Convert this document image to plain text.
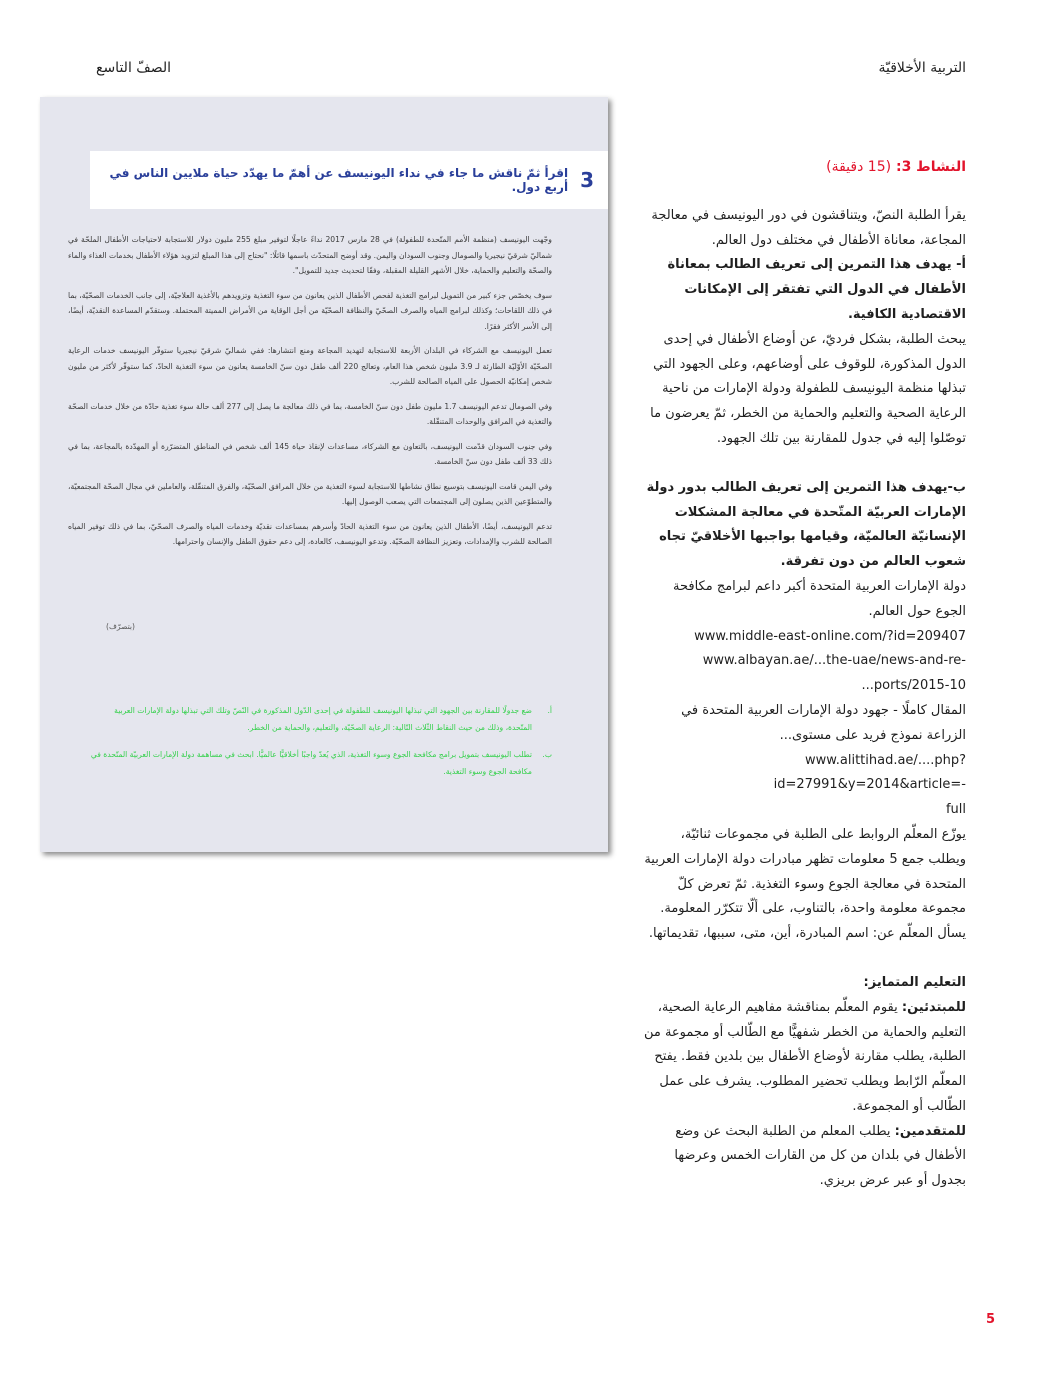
التربية الأخلاقيّة
الصفّ التاسع
3
اقرأ ثمّ ناقش ما جاء في نداء اليونيسف عن أهمّ ما يهدّد حياة ملايين الناس في أربع دول.

وجّهت اليونيسف (منظمة الأمم المتّحدة للطفولة) في 28 مارس 2017 نداءً عاجلًا لتوفير مبلغ 255 مليون دولار للاستجابة لاحتياجات الأطفال الملحّة في شماليّ شرقيّ نيجيريا والصومال وجنوب السودان واليمن. وقد أوضح المتحدّث باسمها قائلًا: "نحتاج إلى هذا المبلغ لتزويد هؤلاء الأطفال بخدمات الغذاء والماء والصحّة والتعليم والحماية، خلال الأشهر القليلة المقبلة، وفقًا لتحديث جديد للتمويل".

سوف يخصّص جزء كبير من التمويل لبرامج التغذية لفحص الأطفال الذين يعانون من سوء التغذية وتزويدهم بالأغذية العلاجيّة، إلى جانب الخدمات الصحّيّة، بما في ذلك اللقاحات؛ وكذلك لبرامج المياه والصرف الصحّيّ والنظافة الصحّيّة من أجل الوقاية من الأمراض المميتة المحتملة. وستقدّم المساعدة النقديّة، أيضًا، إلى الأسر الأكثر فقرًا.

تعمل اليونيسف مع الشركاء في البلدان الأربعة للاستجابة لتهديد المجاعة ومنع انتشارها: ففي شماليّ شرقيّ نيجيريا ستوفّر اليونيسف خدمات الرعاية الصحّيّة الأوّليّة الطارئة لـ 3.9 مليون شخص هذا العام، وتعالج 220 ألف طفل دون سنّ الخامسة يعانون من سوء التغذية الحادّ، كما ستوفّر لأكثر من مليون شخص إمكانيّة الحصول على المياه الصالحة للشرب.

وفي الصومال تدعم اليونيسف 1.7 مليون طفل دون سنّ الخامسة، بما في ذلك معالجة ما يصل إلى 277 ألف حالة سوء تغذية حادّة من خلال خدمات الصحّة والتغذية في المرافق والوحدات المتنقّلة.

وفي جنوب السودان قدّمت اليونيسف، بالتعاون مع الشركاء، مساعدات لإنقاذ حياة 145 ألف شخص في المناطق المتضرّرة أو المهدّدة بالمجاعة، بما في ذلك 33 ألف طفل دون سنّ الخامسة.

وفي اليمن قامت اليونيسف بتوسيع نطاق نشاطها للاستجابة لسوء التغذية من خلال المرافق الصحّيّة، والفرق المتنقّلة، والعاملين في مجال الصحّة المجتمعيّة، والمتطوّعين الذين يصلون إلى المجتمعات التي يصعب الوصول إليها.

تدعم اليونيسف، أيضًا، الأطفال الذين يعانون من سوء التغذية الحادّ وأسرهم بمساعدات نقديّة وخدمات المياه والصرف الصحّيّ، بما في ذلك توفير المياه الصالحة للشرب والإمدادات، وتعزيز النظافة الصحّيّة. وتدعو اليونيسف، كالعادة، إلى دعم حقوق الطفل والإنسان واحترامها.

(بتصرّف)
أ.
ضع جدولًا للمقارنة بين الجهود التي تبذلها اليونيسف للطفولة في إحدى الدّول المذكورة في النّصّ وتلك التي تبذلها دولة الإمارات العربية المتّحدة، وذلك من حيث النقاط الثّلاث التّالية: الرعاية الصحّيّة، والتعليم، والحماية من الخطر.
ب.
تطلب اليونيسف بتمويل برامج مكافحة الجوع وسوء التغذية، الذي يُعدّ واجبًا أخلاقيًّا عالميًّا. ابحث في مساهمة دولة الإمارات العربيّة المتّحدة في مكافحة الجوع وسوء التغذية.
النشاط 3: (15 دقيقة)

يقرأ الطلبة النصّ، ويتناقشون في دور اليونيسف في معالجة المجاعة، معاناة الأطفال في مختلف دول العالم.

أ- يهدف هذا التمرين إلى تعريف الطالب بمعاناة الأطفال في الدول التي تفتقر إلى الإمكانات الاقتصادية الكافية.

يبحث الطلبة، بشكل فرديّ، عن أوضاع الأطفال في إحدى الدول المذكورة، للوقوف على أوضاعهم، وعلى الجهود التي تبذلها منظمة اليونيسف للطفولة ودولة الإمارات من ناحية الرعاية الصحية والتعليم والحماية من الخطر، ثمّ يعرضون ما توصّلوا إليه في جدول للمقارنة بين تلك الجهود.

ب-يهدف هذا التمرين إلى تعريف الطالب بدور دولة الإمارات العربيّة المتّحدة في معالجة المشكلات الإنسانيّة العالميّة، وقيامها بواجبها الأخلاقيّ تجاه شعوب العالم من دون تفرقة.

دولة الإمارات العربية المتحدة أكبر داعم لبرامج مكافحة الجوع حول العالم.

www.middle-east-online.com/?id=209407

www.albayan.ae/...the-uae/news-and-re-

ports/2015-10...

المقال كاملًا - جهود دولة الإمارات العربية المتحدة في الزراعة نموذج فريد على مستوى...

www.alittihad.ae/....php?id=27991&y=2014&article=-

full

يوزّع المعلّم الروابط على الطلبة في مجموعات ثنائيّة، ويطلب جمع 5 معلومات تظهر مبادرات دولة الإمارات العربية المتحدة في معالجة الجوع وسوء التغذية. ثمّ تعرض كلّ مجموعة معلومة واحدة، بالتناوب، على ألّا تتكرّر المعلومة. يسأل المعلّم عن: اسم المبادرة، أين، متى، سببها، تقديماتها.

التعليم المتمايز:

للمبتدئين: يقوم المعلّم بمناقشة مفاهيم الرعاية الصحية، التعليم والحماية من الخطر شفهيًّا مع الطّالب أو مجموعة من الطلبة، يطلب مقارنة لأوضاع الأطفال بين بلدين فقط. يفتح المعلّم الرّابط ويطلب تحضير المطلوب. يشرف على عمل الطّالب أو المجموعة.

للمتقدمين: يطلب المعلم من الطلبة البحث عن وضع الأطفال في بلدان من كل من القارات الخمس وعرضها بجدول أو عبر عرض بريزي.

5
